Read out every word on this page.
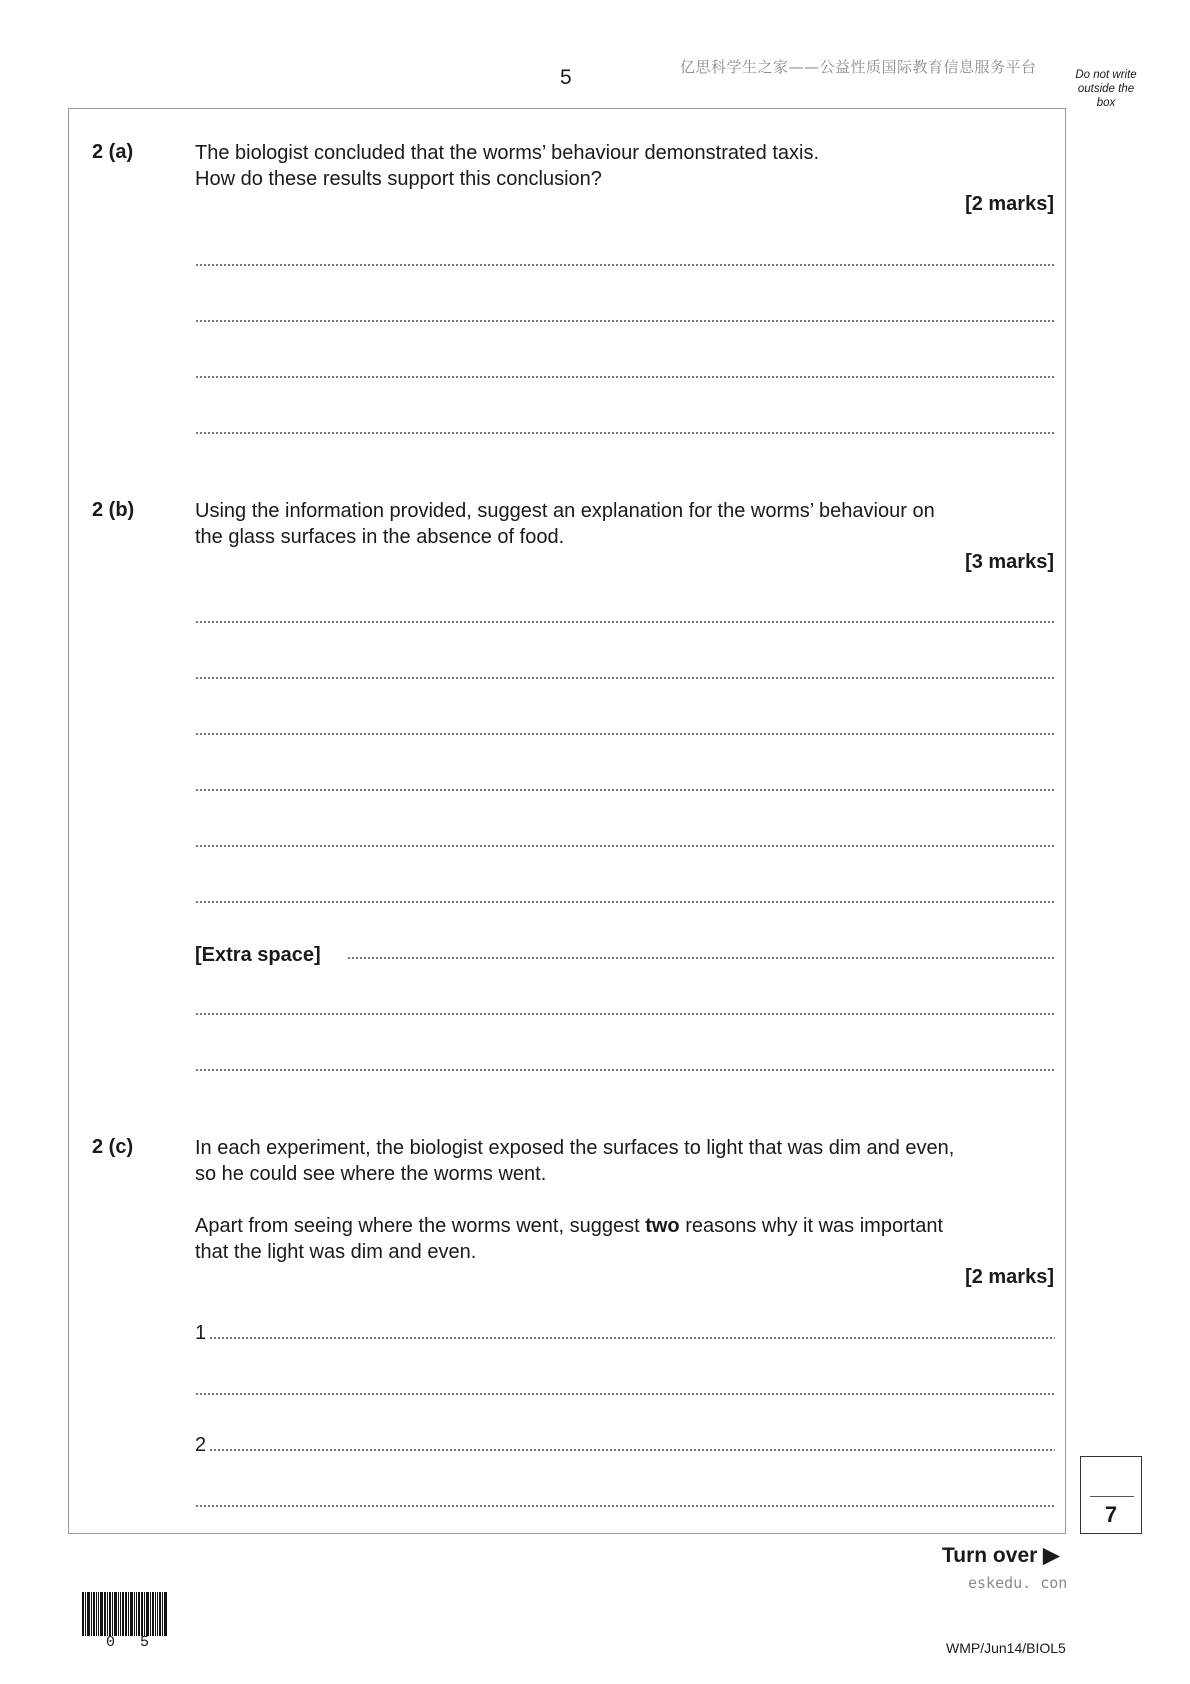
5	亿思科学生之家——公益性质国际教育信息服务平台	Do not write
outside the
box
2 (a)	The biologist concluded that the worms’ behaviour demonstrated taxis.
How do these results support this conclusion?
[2 marks]
2 (b)	Using the information provided, suggest an explanation for the worms’ behaviour on
the glass surfaces in the absence of food.
[3 marks]
[Extra space]
2 (c)	In each experiment, the biologist exposed the surfaces to light that was dim and even,
so he could see where the worms went.
Apart from seeing where the worms went, suggest two reasons why it was important
that the light was dim and even.
[2 marks]
1
2
7
Turn over ▶
eskedu. con
0 5	WMP/Jun14/BIOL5
